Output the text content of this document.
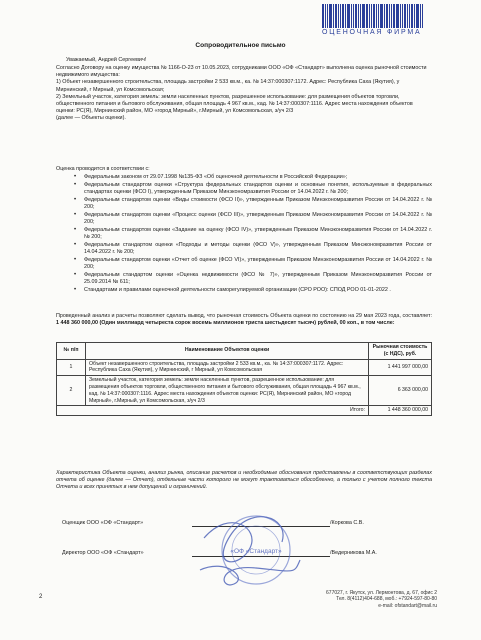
ОЦЕНОЧНАЯ ФИРМА
Сопроводительное письмо
Уважаемый, Андрей Сергеевич!

Согласно Договору на оценку имущества № 1166-О-23 от 10.05.2023, сотрудниками ООО «ОФ «Стандарт» выполнена оценка рыночной стоимости недвижимого имущества:

1) Объект незавершенного строительства, площадь застройки 2 533 кв.м., ка. № 14:37:000307:1172. Адрес: Республика Саха (Якутия), у Мирнинский, г Мирный, ул Комсомольская;

2) Земельный участок, категория земель: земли населенных пунктов, разрешенное использование: для размещения объектов торговли, общественного питания и бытового обслуживания, общая площадь 4 967 кв.м., кад. № 14:37:000307:1116. Адрес места нахождения объектов оценки: РС(Я), Мирнинский район, МО «город Мирный», г.Мирный, ул Комсомольская, з/уч 2/3

(далее — Объекты оценки).

Оценка проводится в соответствии с:
• Федеральным законом от 29.07.1998 №135-ФЗ «Об оценочной деятельности в Российской Федерации»;
• Федеральным стандартом оценки «Структура федеральных стандартов оценки и основные понятия, используемые в федеральных стандартах оценки (ФСО I), утвержденным Приказом Минэкономразвития России от 14.04.2022 г. № 200;
• Федеральным стандартом оценки «Виды стоимости (ФСО II)», утвержденным Приказом Минэкономразвития России от 14.04.2022 г. № 200;
• Федеральным стандартом оценки «Процесс оценки (ФСО III)», утвержденным Приказом Минэкономразвития России от 14.04.2022 г. № 200;
• Федеральным стандартом оценки «Задание на оценку (ФСО IV)», утвержденным Приказом Минэкономразвития России от 14.04.2022 г. № 200;
• Федеральным стандартом оценки «Подходы и методы оценки (ФСО V)», утвержденным Приказом Минэкономразвития России от 14.04.2022 г. № 200;
• Федеральным стандартом оценки «Отчет об оценке (ФСО VI)», утвержденным Приказом Минэкономразвития России от 14.04.2022 г. № 200;
• Федеральным стандартом оценки «Оценка недвижимости (ФСО № 7)», утвержденным Приказом Минэкономразвития России от 25.09.2014 № 611;
• Стандартами и правилами оценочной деятельности саморегулируемой организации (СРО РОО): СПОД РОО 01-01-2022 .
Проведенный анализ и расчеты позволяют сделать вывод, что рыночная стоимость Объекта оценки по состоянию на 29 мая 2023 года, составляет: 1 448 360 000,00 (Один миллиард четыреста сорок восемь миллионов триста шестьдесят тысяч) рублей, 00 коп., в том числе:
№ п/п	Наименование Объектов оценки	Рыночная стоимость (с НДС), руб.
1	Объект незавершенного строительства, площадь застройки 2 533 кв.м., ка. № 14:37:000307:1172. Адрес: Республика Саха (Якутия), у Мирнинский, г Мирный, ул Комсомольская	1 441 997 000,00
2	Земельный участок, категория земель: земли населенных пунктов, разрешенное использование: для размещения объектов торговли, общественного питания и бытового обслуживания, общая площадь 4 967 кв.м., кад. № 14:37:000307:1116. Адрес места нахождения объектов оценки: РС(Я), Мирнинский район, МО «город Мирный», г.Мирный, ул Комсомольская, з/уч 2/3	6 363 000,00
Итого:		1 448 360 000,00
Характеристика Объекта оценки, анализ рынка, описание расчетов и необходимые обоснования представлены в соответствующих разделах отчета об оценке (далее — Отчет), отдельные части которого не могут трактоваться обособленно, а только с учетом полного текста Отчета и всех принятых в нем допущений и ограничений.
Оценщик ООО «ОФ «Стандарт»	/Коркова С.В.
Директор ООО «ОФ «Стандарт»	/Ведерникова М.А.
«ОФ «Стандарт»
2
677027, г. Якутск, ул. Лермонтова, д. 67, офис 2
Тел. 8(4112)404-688, моб.: +7924-597-80-80
e-mail: ofstandart@mail.ru
